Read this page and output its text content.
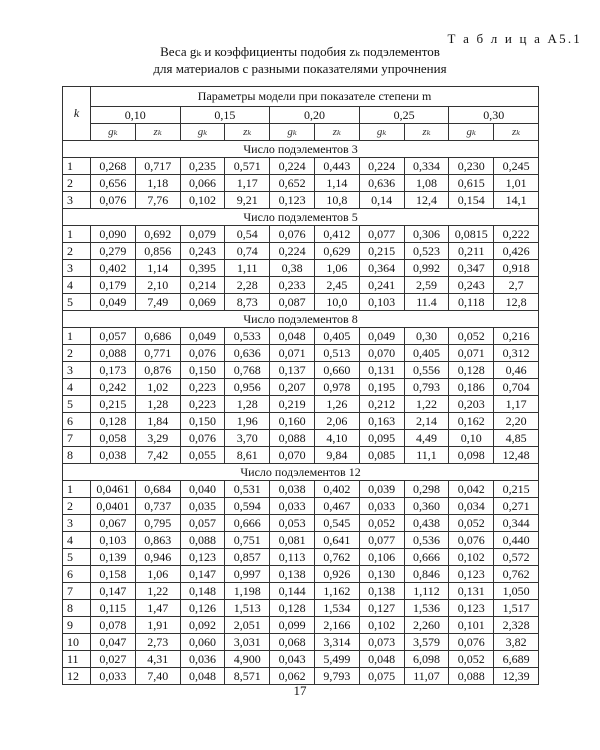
Т а б л и ц а А5.1
Веса gₖ и коэффициенты подобия zₖ подэлементов
для материалов с разными показателями упрочнения
k	Параметры модели при показателе степени m									
	0,10		0,15		0,20		0,25		0,30	
	gₖ	zₖ	gₖ	zₖ	gₖ	zₖ	gₖ	zₖ	gₖ	zₖ
Число подэлементов 3										
1	0,268	0,717	0,235	0,571	0,224	0,443	0,224	0,334	0,230	0,245
2	0,656	1,18	0,066	1,17	0,652	1,14	0,636	1,08	0,615	1,01
3	0,076	7,76	0,102	9,21	0,123	10,8	0,14	12,4	0,154	14,1
Число подэлементов 5										
1	0,090	0,692	0,079	0,54	0,076	0,412	0,077	0,306	0,0815	0,222
2	0,279	0,856	0,243	0,74	0,224	0,629	0,215	0,523	0,211	0,426
3	0,402	1,14	0,395	1,11	0,38	1,06	0,364	0,992	0,347	0,918
4	0,179	2,10	0,214	2,28	0,233	2,45	0,241	2,59	0,243	2,7
5	0,049	7,49	0,069	8,73	0,087	10,0	0,103	11.4	0,118	12,8
Число подэлементов 8										
1	0,057	0,686	0,049	0,533	0,048	0,405	0,049	0,30	0,052	0,216
2	0,088	0,771	0,076	0,636	0,071	0,513	0,070	0,405	0,071	0,312
3	0,173	0,876	0,150	0,768	0,137	0,660	0,131	0,556	0,128	0,46
4	0,242	1,02	0,223	0,956	0,207	0,978	0,195	0,793	0,186	0,704
5	0,215	1,28	0,223	1,28	0,219	1,26	0,212	1,22	0,203	1,17
6	0,128	1,84	0,150	1,96	0,160	2,06	0,163	2,14	0,162	2,20
7	0,058	3,29	0,076	3,70	0,088	4,10	0,095	4,49	0,10	4,85
8	0,038	7,42	0,055	8,61	0,070	9,84	0,085	11,1	0,098	12,48
Число подэлементов 12										
1	0,0461	0,684	0,040	0,531	0,038	0,402	0,039	0,298	0,042	0,215
2	0,0401	0,737	0,035	0,594	0,033	0,467	0,033	0,360	0,034	0,271
3	0,067	0,795	0,057	0,666	0,053	0,545	0,052	0,438	0,052	0,344
4	0,103	0,863	0,088	0,751	0,081	0,641	0,077	0,536	0,076	0,440
5	0,139	0,946	0,123	0,857	0,113	0,762	0,106	0,666	0,102	0,572
6	0,158	1,06	0,147	0,997	0,138	0,926	0,130	0,846	0,123	0,762
7	0,147	1,22	0,148	1,198	0,144	1,162	0,138	1,112	0,131	1,050
8	0,115	1,47	0,126	1,513	0,128	1,534	0,127	1,536	0,123	1,517
9	0,078	1,91	0,092	2,051	0,099	2,166	0,102	2,260	0,101	2,328
10	0,047	2,73	0,060	3,031	0,068	3,314	0,073	3,579	0,076	3,82
11	0,027	4,31	0,036	4,900	0,043	5,499	0,048	6,098	0,052	6,689
12	0,033	7,40	0,048	8,571	0,062	9,793	0,075	11,07	0,088	12,39
17
